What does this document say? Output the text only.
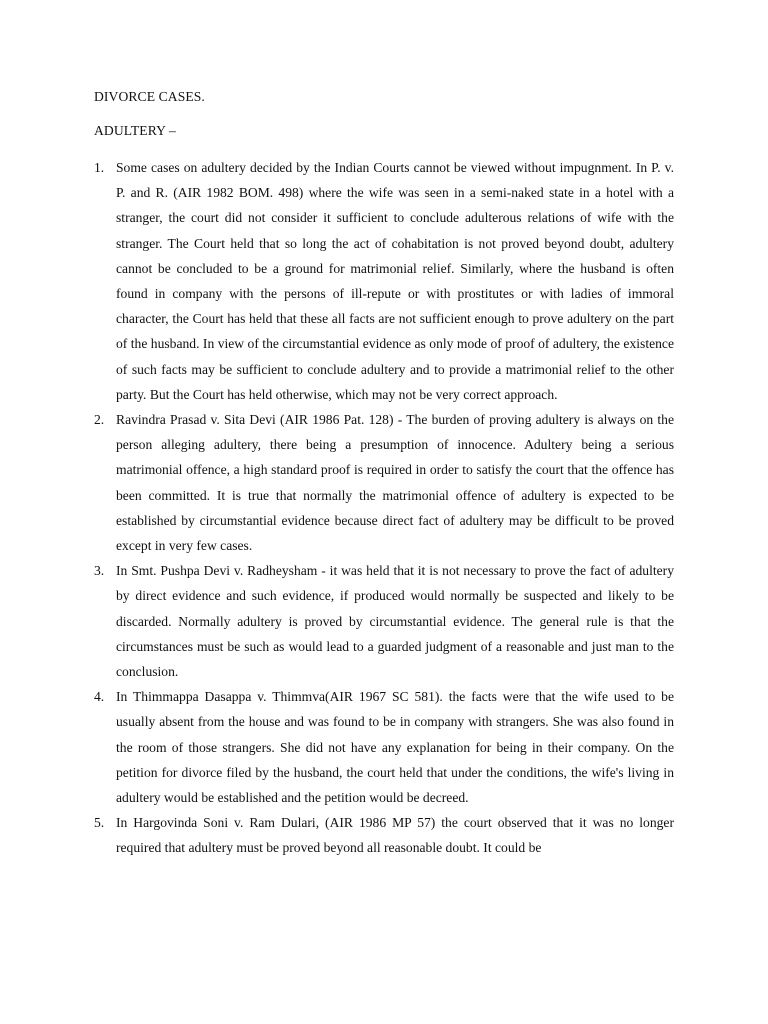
DIVORCE CASES.
ADULTERY –
1. Some cases on adultery decided by the Indian Courts cannot be viewed without impugnment. In P. v. P. and R. (AIR 1982 BOM. 498) where the wife was seen in a semi-naked state in a hotel with a stranger, the court did not consider it sufficient to conclude adulterous relations of wife with the stranger. The Court held that so long the act of cohabitation is not proved beyond doubt, adultery cannot be concluded to be a ground for matrimonial relief. Similarly, where the husband is often found in company with the persons of ill-repute or with prostitutes or with ladies of immoral character, the Court has held that these all facts are not sufficient enough to prove adultery on the part of the husband. In view of the circumstantial evidence as only mode of proof of adultery, the existence of such facts may be sufficient to conclude adultery and to provide a matrimonial relief to the other party. But the Court has held otherwise, which may not be very correct approach.
2. Ravindra Prasad v. Sita Devi (AIR 1986 Pat. 128) - The burden of proving adultery is always on the person alleging adultery, there being a presumption of innocence. Adultery being a serious matrimonial offence, a high standard proof is required in order to satisfy the court that the offence has been committed. It is true that normally the matrimonial offence of adultery is expected to be established by circumstantial evidence because direct fact of adultery may be difficult to be proved except in very few cases.
3. In Smt. Pushpa Devi v. Radheysham - it was held that it is not necessary to prove the fact of adultery by direct evidence and such evidence, if produced would normally be suspected and likely to be discarded. Normally adultery is proved by circumstantial evidence. The general rule is that the circumstances must be such as would lead to a guarded judgment of a reasonable and just man to the conclusion.
4. In Thimmappa Dasappa v. Thimmva(AIR 1967 SC 581). the facts were that the wife used to be usually absent from the house and was found to be in company with strangers. She was also found in the room of those strangers. She did not have any explanation for being in their company. On the petition for divorce filed by the husband, the court held that under the conditions, the wife's living in adultery would be established and the petition would be decreed.
5. In Hargovinda Soni v. Ram Dulari, (AIR 1986 MP 57) the court observed that it was no longer required that adultery must be proved beyond all reasonable doubt. It could be
